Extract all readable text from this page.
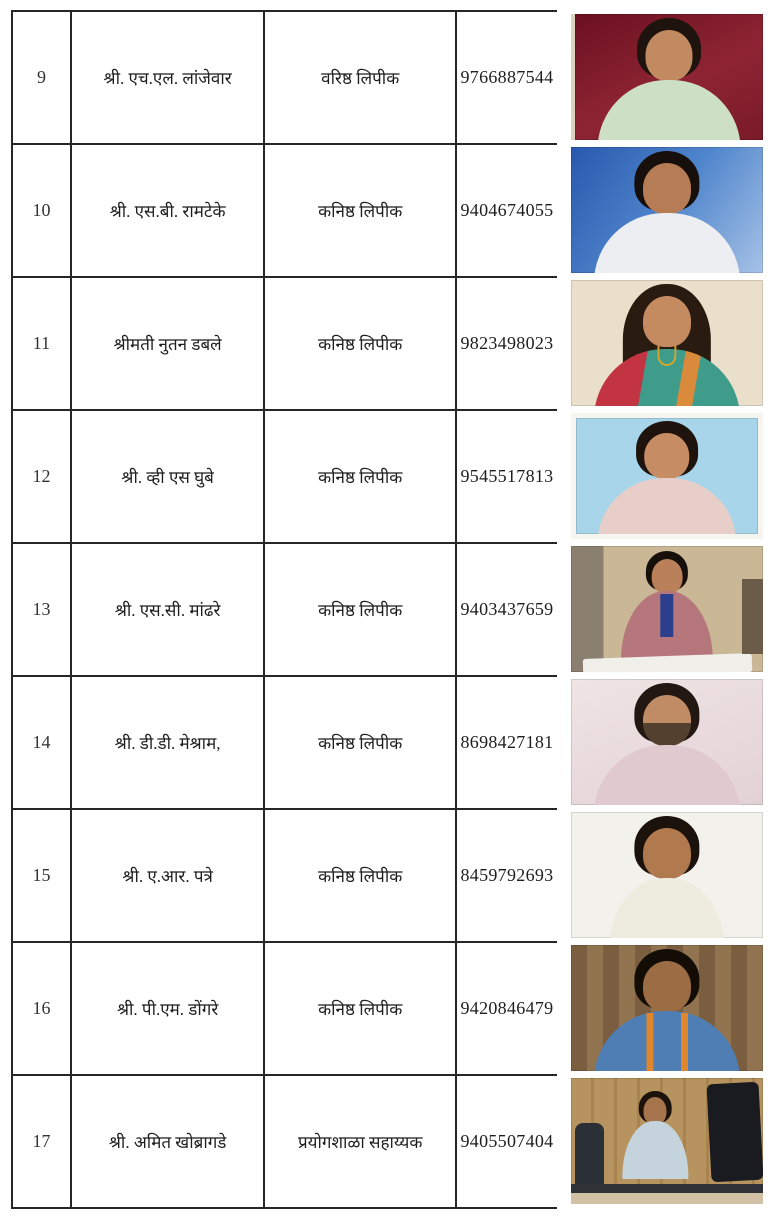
9	श्री. एच.एल. लांजेवार	वरिष्ठ लिपीक	9766887544	

10	श्री. एस.बी. रामटेके	कनिष्ठ लिपीक	9404674055	

11	श्रीमती नुतन डबले	कनिष्ठ लिपीक	9823498023	

12	श्री. व्ही एस घुबे	कनिष्ठ लिपीक	9545517813	

13	श्री. एस.सी. मांढरे	कनिष्ठ लिपीक	9403437659	

14	श्री. डी.डी. मेश्राम,	कनिष्ठ लिपीक	8698427181	

15	श्री. ए.आर. पत्रे	कनिष्ठ लिपीक	8459792693	

16	श्री. पी.एम. डोंगरे	कनिष्ठ लिपीक	9420846479	

17	श्री. अमित खोब्रागडे	प्रयोगशाळा सहाय्यक	9405507404	
